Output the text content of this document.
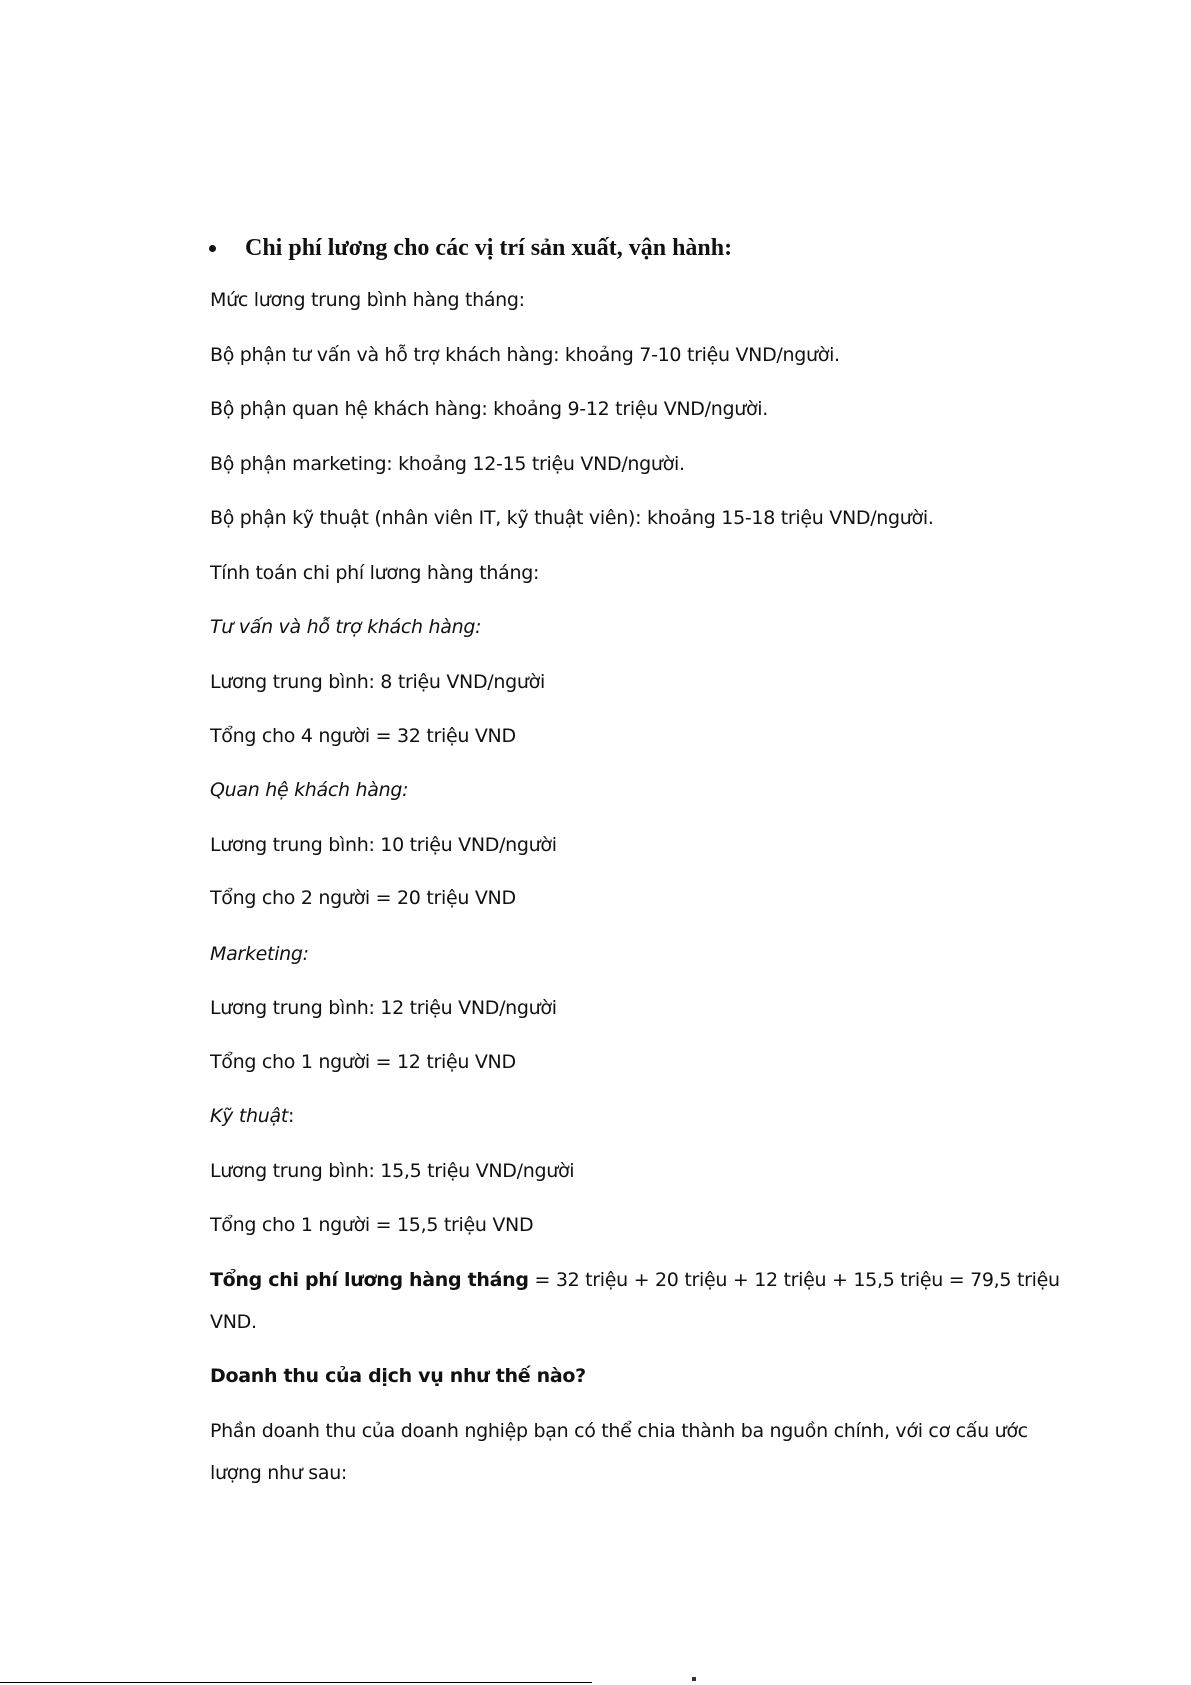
Chi phí lương cho các vị trí sản xuất, vận hành:
Mức lương trung bình hàng tháng:
Bộ phận tư vấn và hỗ trợ khách hàng: khoảng 7-10 triệu VND/người.
Bộ phận quan hệ khách hàng: khoảng 9-12 triệu VND/người.
Bộ phận marketing: khoảng 12-15 triệu VND/người.
Bộ phận kỹ thuật (nhân viên IT, kỹ thuật viên): khoảng 15-18 triệu VND/người.
Tính toán chi phí lương hàng tháng:
Tư vấn và hỗ trợ khách hàng:
Lương trung bình: 8 triệu VND/người
Tổng cho 4 người = 32 triệu VND
Quan hệ khách hàng:
Lương trung bình: 10 triệu VND/người
Tổng cho 2 người = 20 triệu VND
Marketing:
Lương trung bình: 12 triệu VND/người
Tổng cho 1 người = 12 triệu VND
Kỹ thuật:
Lương trung bình: 15,5 triệu VND/người
Tổng cho 1 người = 15,5 triệu VND
Tổng chi phí lương hàng tháng = 32 triệu + 20 triệu + 12 triệu + 15,5 triệu = 79,5 triệu
VND.
Doanh thu của dịch vụ như thế nào?
Phần doanh thu của doanh nghiệp bạn có thể chia thành ba nguồn chính, với cơ cấu ước
lượng như sau:
